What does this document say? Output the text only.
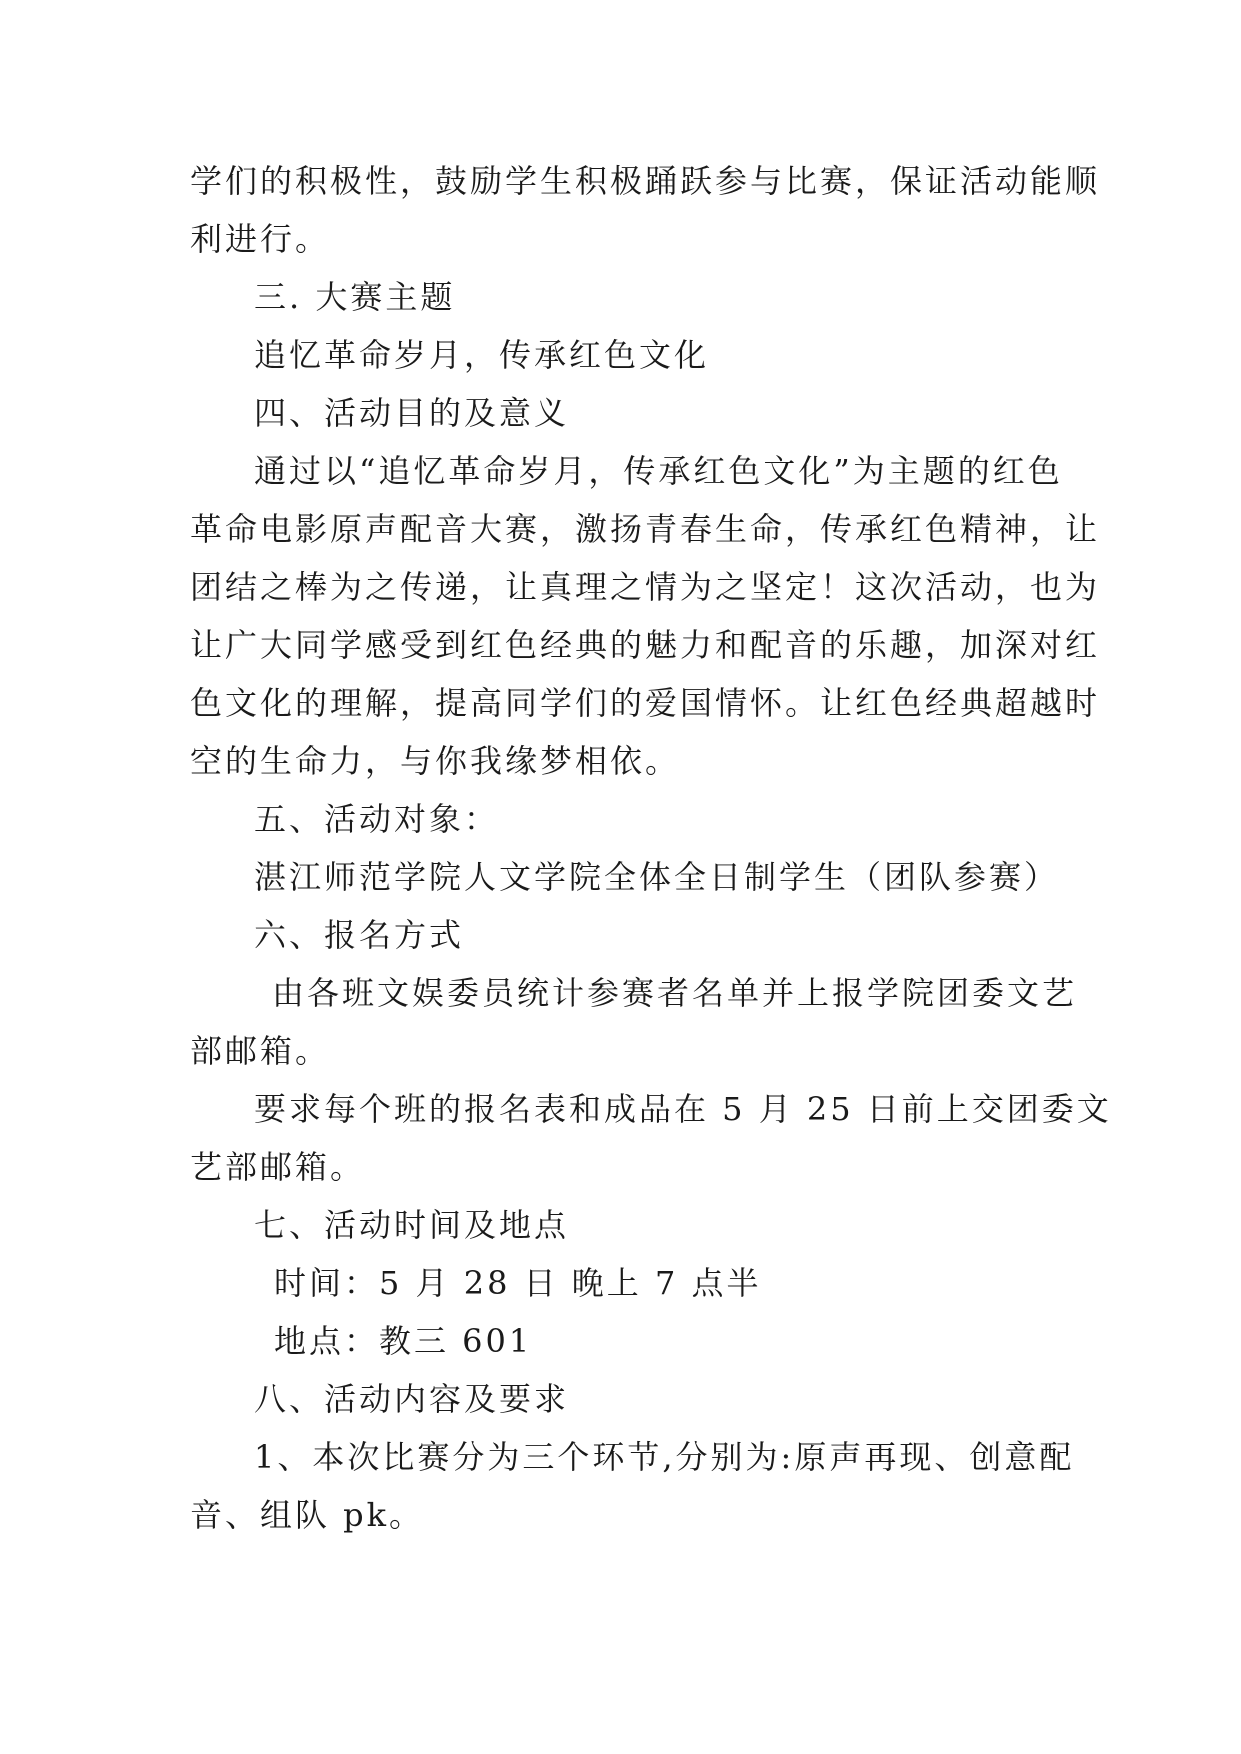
学们的积极性，鼓励学生积极踊跃参与比赛，保证活动能顺
利进行。
三. 大赛主题
追忆革命岁月，传承红色文化
四、活动目的及意义
通过以“追忆革命岁月，传承红色文化”为主题的红色
革命电影原声配音大赛，激扬青春生命，传承红色精神，让
团结之棒为之传递，让真理之情为之坚定！这次活动，也为
让广大同学感受到红色经典的魅力和配音的乐趣，加深对红
色文化的理解，提高同学们的爱国情怀。让红色经典超越时
空的生命力，与你我缘梦相依。
五、活动对象：
湛江师范学院人文学院全体全日制学生（团队参赛）
六、报名方式
由各班文娱委员统计参赛者名单并上报学院团委文艺
部邮箱。
要求每个班的报名表和成品在 5 月 25 日前上交团委文
艺部邮箱。
七、活动时间及地点
时间：5 月 28 日 晚上 7 点半
地点：教三 601
八、活动内容及要求
1、本次比赛分为三个环节,分别为:原声再现、创意配
音、组队 pk。
